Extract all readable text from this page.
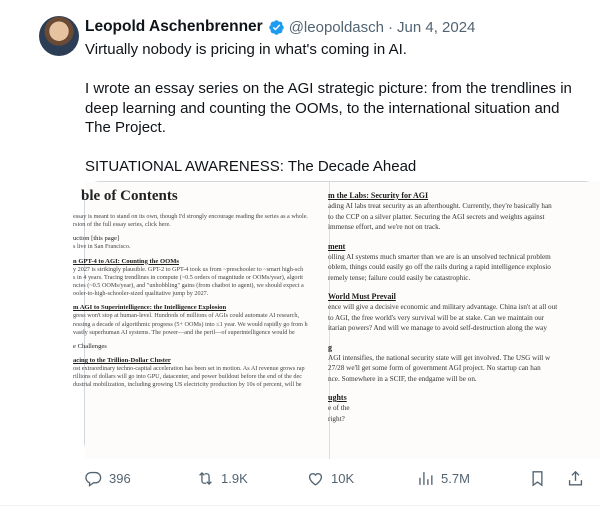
Leopold Aschenbrenner @leopoldasch · Jun 4, 2024

Virtually nobody is pricing in what's coming in AI.

I wrote an essay series on the AGI strategic picture: from the trendlines in deep learning and counting the OOMs, to the international situation and The Project.

SITUATIONAL AWARENESS: The Decade Ahead

ble of Contents
essay is meant to stand on its own, though I'd strongly encourage reading the series as a whole.
rsion of the full essay series, click here.
uction [this page]
s live in San Francisco.
n GPT-4 to AGI: Counting the OOMs
y 2027 is strikingly plausible. GPT-2 to GPT-4 took us from ~preschooler to ~smart high-sch
s in 4 years. Tracing trendlines in compute (~0.5 orders of magnitude or OOMs/year), algorit
ncies (~0.5 OOMs/year), and "unhobbling" gains (from chatbot to agent), we should expect a
ooler-to-high-schooler-sized qualitative jump by 2027.
m AGI to Superintelligence: the Intelligence Explosion
gress won't stop at human-level. Hundreds of millions of AGIs could automate AI research,
ressing a decade of algorithmic progress (5+ OOMs) into ≤1 year. We would rapidly go from h
vastly superhuman AI systems. The power—and the peril—of superintelligence would be
e Challenges
acing to the Trillion-Dollar Cluster
ost extraordinary techno-capital acceleration has been set in motion. As AI revenue grows rap
rillions of dollars will go into GPU, datacenter, and power buildout before the end of the dec
dustrial mobilization, including growing US electricity production by 10s of percent, will be
m the Labs: Security for AGI
ading AI labs treat security as an afterthought. Currently, they're basically han
to the CCP on a silver platter. Securing the AGI secrets and weights against
immense effort, and we're not on track.
ment
olling AI systems much smarter than we are is an unsolved technical problem
oblem, things could easily go off the rails during a rapid intelligence explosio
remely tense; failure could easily be catastrophic.
World Must Prevail
ence will give a decisive economic and military advantage. China isn't at all out
to AGI, the free world's very survival will be at stake. Can we maintain our
itarian powers? And will we manage to avoid self-destruction along the way
g
AGI intensifies, the national security state will get involved. The USG will w
27/28 we'll get some form of government AGI project. No startup can han
nce. Somewhere in a SCIF, the endgame will be on.
ughts
e of the
right?
396	1.9K	10K	5.7M
